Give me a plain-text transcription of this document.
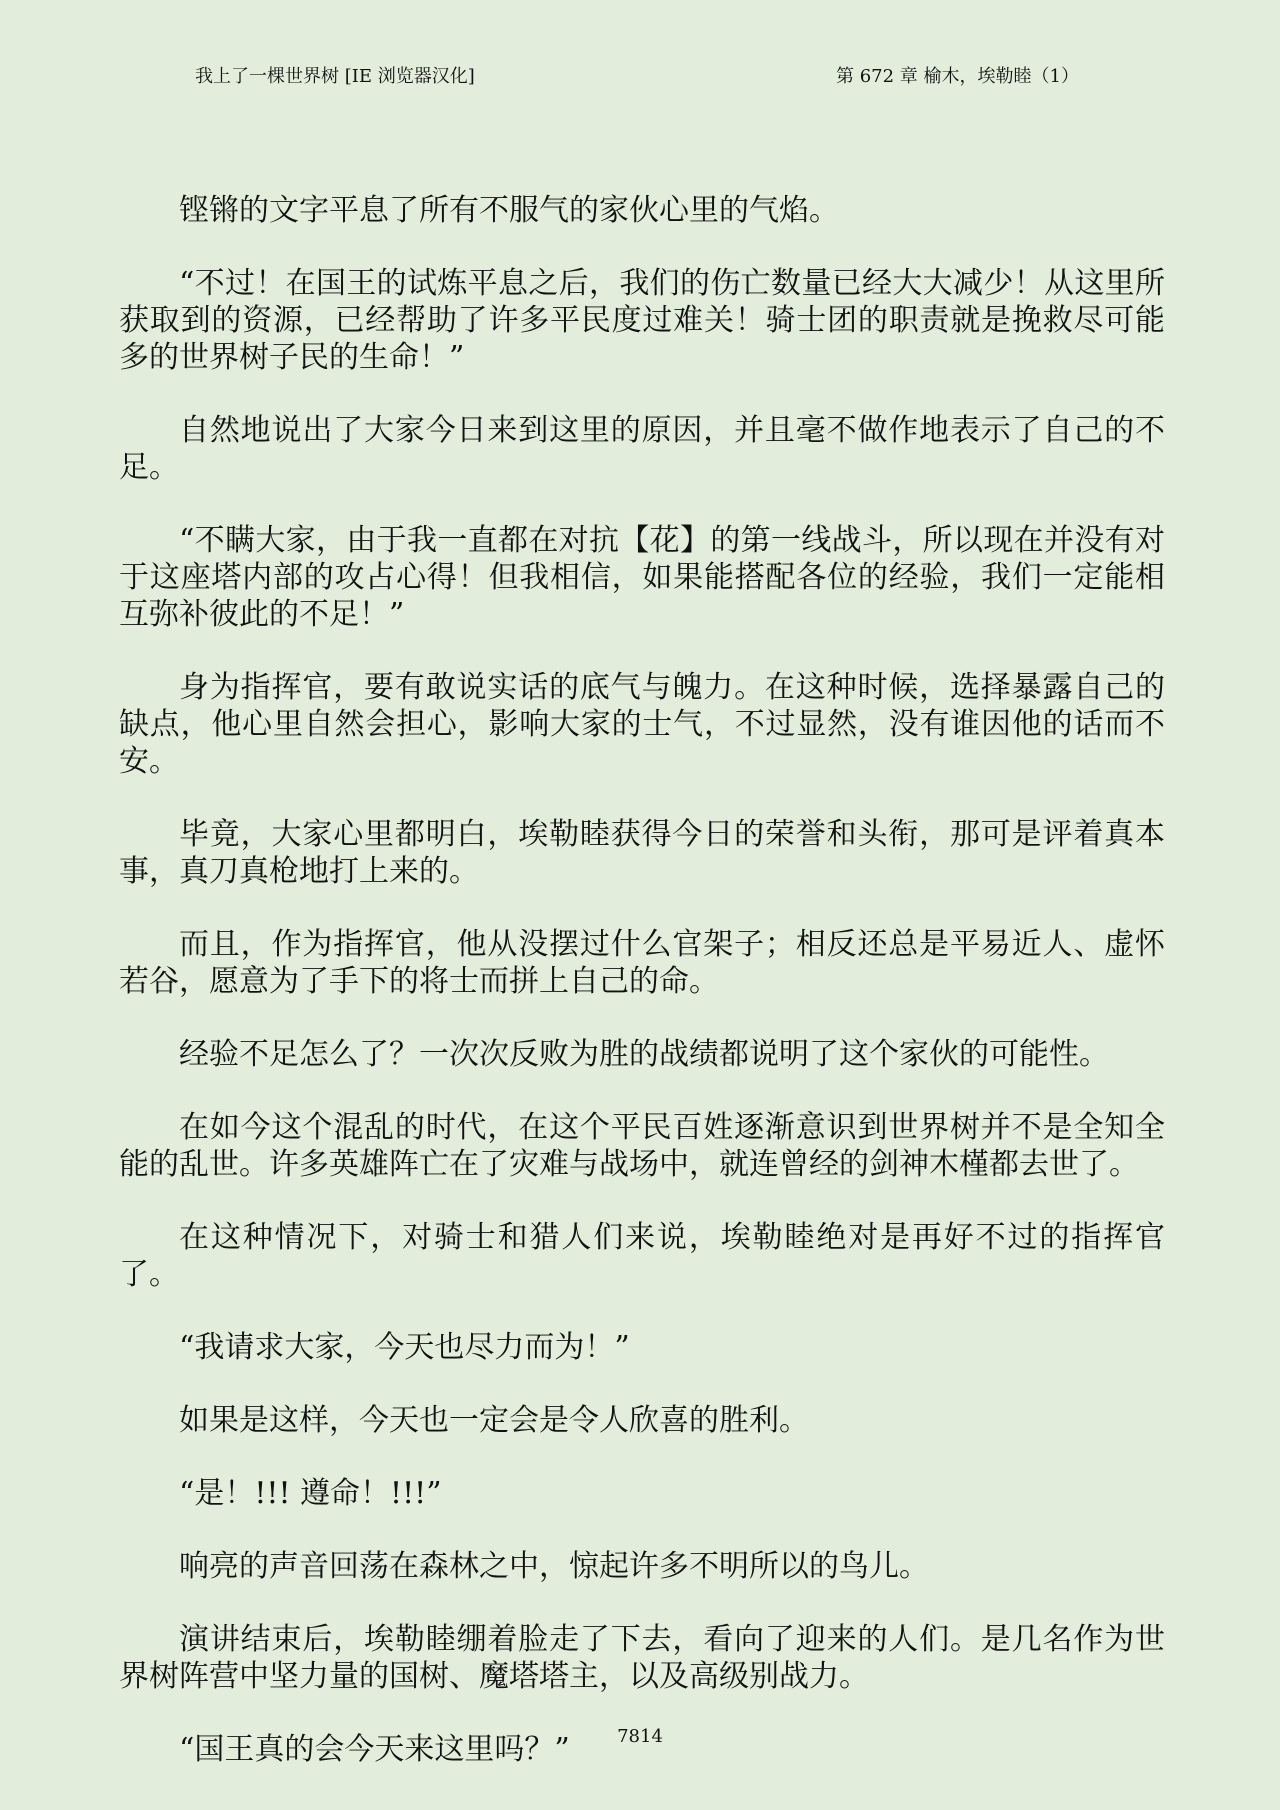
我上了一棵世界树 [IE 浏览器汉化]	第 672 章 榆木，埃勒睦（1）

铿锵的文字平息了所有不服气的家伙心里的气焰。

“不过！在国王的试炼平息之后，我们的伤亡数量已经大大减少！从这里所获取到的资源，已经帮助了许多平民度过难关！骑士团的职责就是挽救尽可能多的世界树子民的生命！”

自然地说出了大家今日来到这里的原因，并且毫不做作地表示了自己的不足。

“不瞒大家，由于我一直都在对抗【花】的第一线战斗，所以现在并没有对于这座塔内部的攻占心得！但我相信，如果能搭配各位的经验，我们一定能相互弥补彼此的不足！”

身为指挥官，要有敢说实话的底气与魄力。在这种时候，选择暴露自己的缺点，他心里自然会担心，影响大家的士气，不过显然，没有谁因他的话而不安。

毕竟，大家心里都明白，埃勒睦获得今日的荣誉和头衔，那可是评着真本事，真刀真枪地打上来的。

而且，作为指挥官，他从没摆过什么官架子；相反还总是平易近人、虚怀若谷，愿意为了手下的将士而拼上自己的命。

经验不足怎么了？一次次反败为胜的战绩都说明了这个家伙的可能性。

在如今这个混乱的时代，在这个平民百姓逐渐意识到世界树并不是全知全能的乱世。许多英雄阵亡在了灾难与战场中，就连曾经的剑神木槿都去世了。

在这种情况下，对骑士和猎人们来说，埃勒睦绝对是再好不过的指挥官了。

“我请求大家，今天也尽力而为！”

如果是这样，今天也一定会是令人欣喜的胜利。

“是！!!! 遵命！!!!”

响亮的声音回荡在森林之中，惊起许多不明所以的鸟儿。

演讲结束后，埃勒睦绷着脸走了下去，看向了迎来的人们。是几名作为世界树阵营中坚力量的国树、魔塔塔主，以及高级别战力。

“国王真的会今天来这里吗？”	7814
